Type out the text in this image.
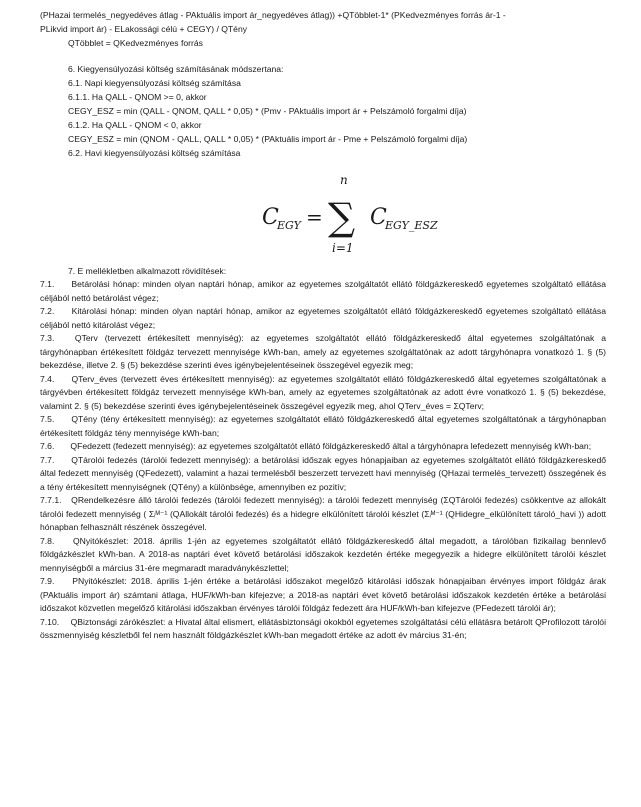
(PHazai termelés_negyedéves átlag - PAktuális import ár_negyedéves átlag)) +QTöbblet-1* (PKedvezményes forrás ár-1 -
PLikvid import ár) - ELakossági célú + CEGY) / QTény
QTöbblet = QKedvezményes forrás
6. Kiegyensúlyozási költség számításának módszertana:
6.1. Napi kiegyensúlyozási költség számítása
6.1.1. Ha QALL - QNOM >= 0, akkor
CEGY_ESZ = min (QALL - QNOM, QALL * 0,05) * (Pmv - PAktuális import ár + Pelszámoló forgalmi díja)
6.1.2. Ha QALL - QNOM < 0, akkor
CEGY_ESZ = min (QNOM - QALL, QALL * 0,05) * (PAktuális import ár - Pme + Pelszámoló forgalmi díja)
6.2. Havi kiegyensúlyozási költség számítása
C
EGY = ∑
n
i=1
C
EGY_ESZ
7. E mellékletben alkalmazott rövidítések:
7.1. Betárolási hónap: minden olyan naptári hónap, amikor az egyetemes szolgáltatót ellátó földgázkereskedő egyetemes szolgáltató ellátása céljából nettó betárolást végez;
7.2. Kitárolási hónap: minden olyan naptári hónap, amikor az egyetemes szolgáltatót ellátó földgázkereskedő egyetemes szolgáltató ellátása céljából nettó kitárolást végez;
7.3. QTerv (tervezett értékesített mennyiség): az egyetemes szolgáltatót ellátó földgázkereskedő által egyetemes szolgáltatónak a tárgyhónapban értékesített földgáz tervezett mennyisége kWh-ban, amely az egyetemes szolgáltatónak az adott tárgyhónapra vonatkozó 1. § (5) bekezdése, illetve 2. § (5) bekezdése szerinti éves igénybejelentéseinek összegével egyezik meg;
7.4. QTerv_éves (tervezett éves értékesített mennyiség): az egyetemes szolgáltatót ellátó földgázkereskedő által egyetemes szolgáltatónak a tárgyévben értékesített földgáz tervezett mennyisége kWh-ban, amely az egyetemes szolgáltatónak az adott évre vonatkozó 1. § (5) bekezdése, valamint 2. § (5) bekezdése szerinti éves igénybejelentéseinek összegével egyezik meg, ahol QTerv_éves = ΣQTerv;
7.5. QTény (tény értékesített mennyiség): az egyetemes szolgáltatót ellátó földgázkereskedő által egyetemes szolgáltatónak a tárgyhónapban értékesített földgáz tény mennyisége kWh-ban;
7.6. QFedezett (fedezett mennyiség): az egyetemes szolgáltatót ellátó földgázkereskedő által a tárgyhónapra lefedezett mennyiség kWh-ban;
7.7. QTárolói fedezés (tárolói fedezett mennyiség): a betárolási időszak egyes hónapjaiban az egyetemes szolgáltatót ellátó földgázkereskedő által fedezett mennyiség (QFedezett), valamint a hazai termelésből beszerzett tervezett havi mennyiség (QHazai termelés_tervezett) összegének és a tény értékesített mennyiségnek (QTény) a különbsége, amennyiben ez pozitív;
7.7.1. QRendelkezésre álló tárolói fedezés (tárolói fedezett mennyiség): a tárolói fedezett mennyiség (ΣQTárolói fedezés) csökkentve az allokált tárolói fedezett mennyiség ( Σᵢᴹ⁻¹ (QAllokált tárolói fedezés) és a hidegre elkülönített tárolói készlet (Σᵢᴹ⁻¹ (QHidegre_elkülönített tároló_havi )) adott hónapban felhasznált részének összegével.
7.8. QNyitókészlet: 2018. április 1-jén az egyetemes szolgáltatót ellátó földgázkereskedő által megadott, a tárolóban fizikailag bennlevő földgázkészlet kWh-ban. A 2018-as naptári évet követő betárolási időszakok kezdetén értéke megegyezik a hidegre elkülönített tárolói készlet mennyiségből a március 31-ére megmaradt maradványkészlettel;
7.9. PNyitókészlet: 2018. április 1-jén értéke a betárolási időszakot megelőző kitárolási időszak hónapjaiban érvényes import földgáz árak (PAktuális import ár) számtani átlaga, HUF/kWh-ban kifejezve; a 2018-as naptári évet követő betárolási időszakok kezdetén értéke a betárolási időszakot közvetlen megelőző kitárolási időszakban érvényes tárolói földgáz fedezett ára HUF/kWh-ban kifejezve (PFedezett tárolói ár);
7.10. QBiztonsági zárókészlet: a Hivatal által elismert, ellátásbiztonsági okokból egyetemes szolgáltatási célú ellátásra betárolt QProfilozott tárolói összmennyiség készletből fel nem használt földgázkészlet kWh-ban megadott értéke az adott év március 31-én;
